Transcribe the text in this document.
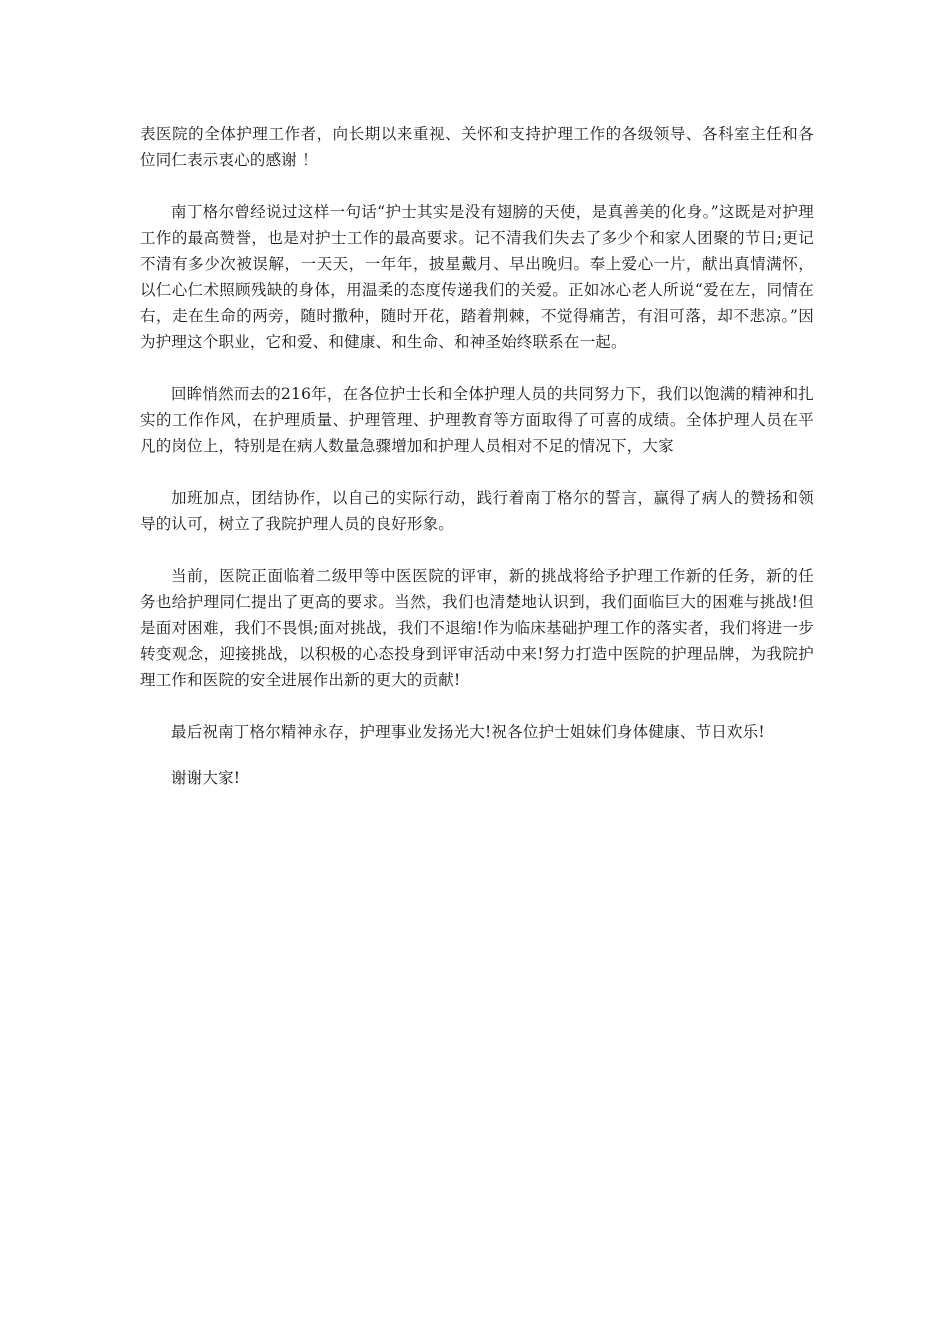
表医院的全体护理工作者，向长期以来重视、关怀和支持护理工作的各级领导、各科室主任和各位同仁表示衷心的感谢 ！

南丁格尔曾经说过这样一句话“护士其实是没有翅膀的天使，是真善美的化身。”这既是对护理工作的最高赞誉，也是对护士工作的最高要求。记不清我们失去了多少个和家人团聚的节日;更记不清有多少次被误解，一天天，一年年，披星戴月、早出晚归。奉上爱心一片，献出真情满怀，以仁心仁术照顾残缺的身体，用温柔的态度传递我们的关爱。正如冰心老人所说“爱在左，同情在右，走在生命的两旁，随时撒种，随时开花，踏着荆棘，不觉得痛苦，有泪可落，却不悲凉。”因为护理这个职业，它和爱、和健康、和生命、和神圣始终联系在一起。

回眸悄然而去的216年，在各位护士长和全体护理人员的共同努力下，我们以饱满的精神和扎实的工作作风，在护理质量、护理管理、护理教育等方面取得了可喜的成绩。全体护理人员在平凡的岗位上，特别是在病人数量急骤增加和护理人员相对不足的情况下，大家

加班加点，团结协作，以自己的实际行动，践行着南丁格尔的誓言，赢得了病人的赞扬和领导的认可，树立了我院护理人员的良好形象。

当前，医院正面临着二级甲等中医医院的评审，新的挑战将给予护理工作新的任务，新的任务也给护理同仁提出了更高的要求。当然，我们也清楚地认识到，我们面临巨大的困难与挑战!但是面对困难，我们不畏惧;面对挑战，我们不退缩!作为临床基础护理工作的落实者，我们将进一步转变观念，迎接挑战，以积极的心态投身到评审活动中来!努力打造中医院的护理品牌，为我院护理工作和医院的安全进展作出新的更大的贡献!

最后祝南丁格尔精神永存，护理事业发扬光大!祝各位护士姐妹们身体健康、节日欢乐!

谢谢大家!
